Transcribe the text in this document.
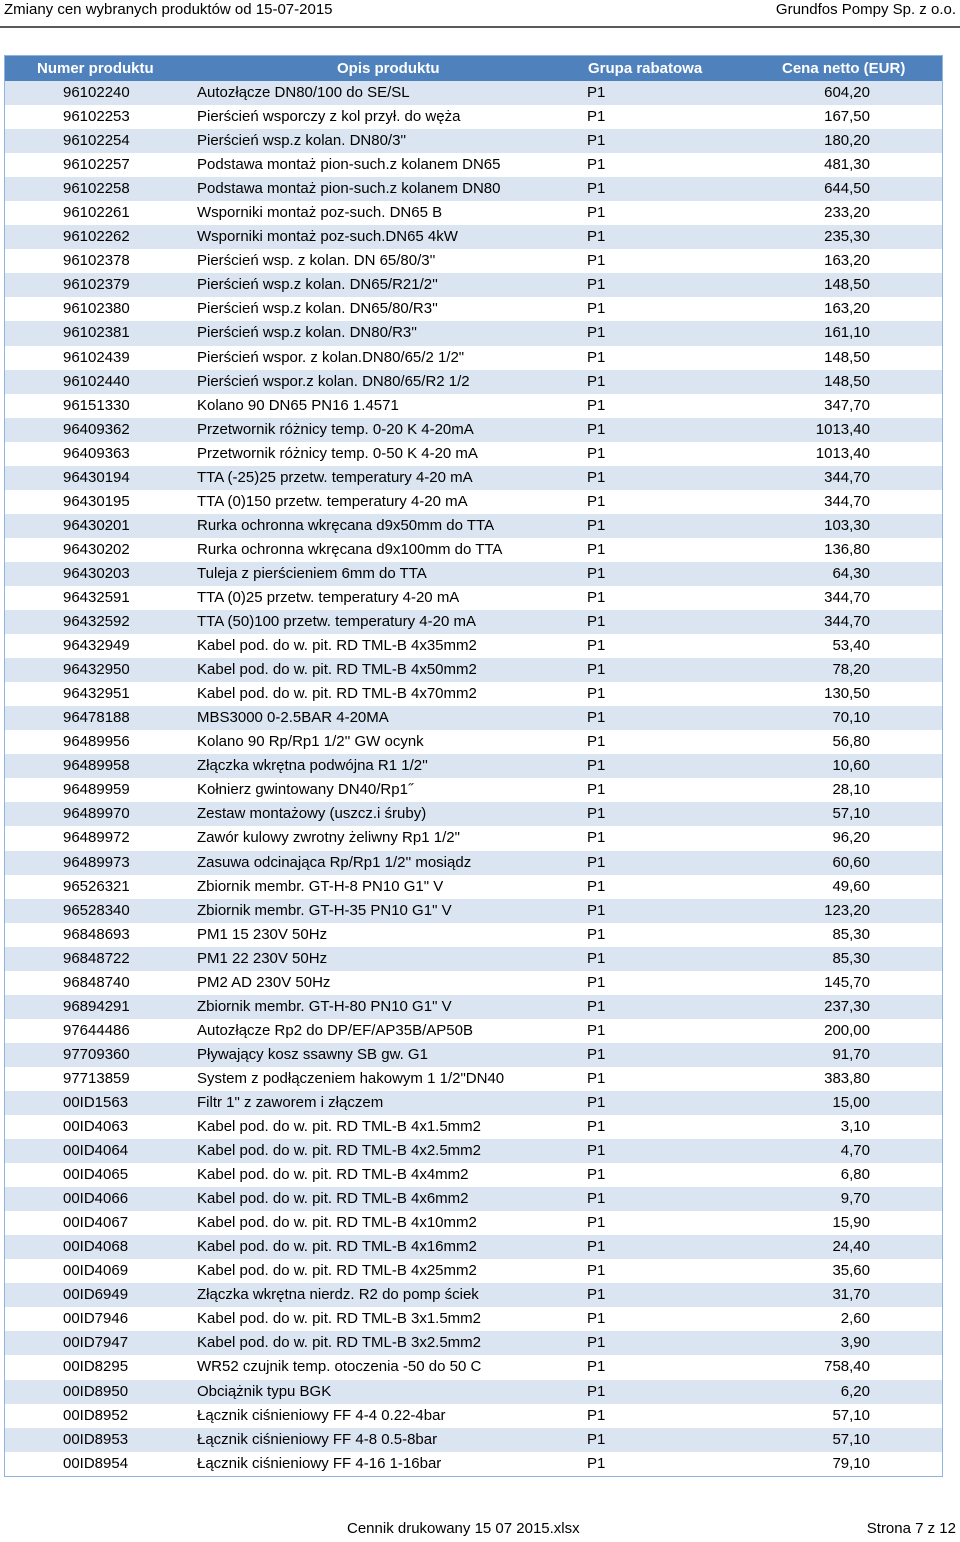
Zmiany cen wybranych produktów od 15-07-2015	Grundfos Pompy Sp. z o.o.
Numer produktu	Opis produktu	Grupa rabatowa	Cena netto (EUR)
96102240	Autozłącze DN80/100 do SE/SL	P1	604,20
96102253	Pierścień wsporczy z kol przył. do węża	P1	167,50
96102254	Pierścień wsp.z kolan. DN80/3''	P1	180,20
96102257	Podstawa montaż pion-such.z kolanem DN65	P1	481,30
96102258	Podstawa montaż pion-such.z kolanem DN80	P1	644,50
96102261	Wsporniki montaż poz-such. DN65 B	P1	233,20
96102262	Wsporniki montaż poz-such.DN65 4kW	P1	235,30
96102378	Pierścień wsp. z kolan. DN 65/80/3''	P1	163,20
96102379	Pierścień wsp.z kolan. DN65/R21/2''	P1	148,50
96102380	Pierścień wsp.z kolan. DN65/80/R3''	P1	163,20
96102381	Pierścień wsp.z kolan. DN80/R3''	P1	161,10
96102439	Pierścień wspor. z kolan.DN80/65/2 1/2"	P1	148,50
96102440	Pierścień wspor.z kolan. DN80/65/R2 1/2	P1	148,50
96151330	Kolano 90 DN65 PN16 1.4571	P1	347,70
96409362	Przetwornik różnicy temp. 0-20 K 4-20mA	P1	1013,40
96409363	Przetwornik różnicy temp. 0-50 K 4-20 mA	P1	1013,40
96430194	TTA (-25)25 przetw. temperatury 4-20 mA	P1	344,70
96430195	TTA (0)150 przetw. temperatury 4-20 mA	P1	344,70
96430201	Rurka ochronna wkręcana d9x50mm do TTA	P1	103,30
96430202	Rurka ochronna wkręcana d9x100mm do TTA	P1	136,80
96430203	Tuleja z pierścieniem 6mm do TTA	P1	64,30
96432591	TTA (0)25 przetw. temperatury 4-20 mA	P1	344,70
96432592	TTA (50)100 przetw. temperatury 4-20 mA	P1	344,70
96432949	Kabel pod. do w. pit. RD TML-B 4x35mm2	P1	53,40
96432950	Kabel pod. do w. pit. RD TML-B 4x50mm2	P1	78,20
96432951	Kabel pod. do w. pit. RD TML-B 4x70mm2	P1	130,50
96478188	MBS3000 0-2.5BAR 4-20MA	P1	70,10
96489956	Kolano 90 Rp/Rp1 1/2'' GW ocynk	P1	56,80
96489958	Złączka wkrętna podwójna R1 1/2''	P1	10,60
96489959	Kołnierz gwintowany DN40/Rp1˝	P1	28,10
96489970	Zestaw montażowy (uszcz.i śruby)	P1	57,10
96489972	Zawór kulowy zwrotny żeliwny Rp1 1/2"	P1	96,20
96489973	Zasuwa odcinająca Rp/Rp1 1/2'' mosiądz	P1	60,60
96526321	Zbiornik membr. GT-H-8 PN10 G1" V	P1	49,60
96528340	Zbiornik membr. GT-H-35 PN10 G1" V	P1	123,20
96848693	PM1 15 230V 50Hz	P1	85,30
96848722	PM1 22 230V 50Hz	P1	85,30
96848740	PM2 AD 230V 50Hz	P1	145,70
96894291	Zbiornik membr. GT-H-80 PN10 G1" V	P1	237,30
97644486	Autozłącze Rp2 do DP/EF/AP35B/AP50B	P1	200,00
97709360	Pływający kosz ssawny SB gw. G1	P1	91,70
97713859	System z podłączeniem hakowym 1 1/2"DN40	P1	383,80
00ID1563	Filtr 1" z zaworem i złączem	P1	15,00
00ID4063	Kabel pod. do w. pit. RD TML-B 4x1.5mm2	P1	3,10
00ID4064	Kabel pod. do w. pit. RD TML-B 4x2.5mm2	P1	4,70
00ID4065	Kabel pod. do w. pit. RD TML-B 4x4mm2	P1	6,80
00ID4066	Kabel pod. do w. pit. RD TML-B 4x6mm2	P1	9,70
00ID4067	Kabel pod. do w. pit. RD TML-B 4x10mm2	P1	15,90
00ID4068	Kabel pod. do w. pit. RD TML-B 4x16mm2	P1	24,40
00ID4069	Kabel pod. do w. pit. RD TML-B 4x25mm2	P1	35,60
00ID6949	Złączka wkrętna nierdz. R2 do pomp ściek	P1	31,70
00ID7946	Kabel pod. do w. pit. RD TML-B 3x1.5mm2	P1	2,60
00ID7947	Kabel pod. do w. pit. RD TML-B 3x2.5mm2	P1	3,90
00ID8295	WR52 czujnik temp. otoczenia -50 do 50 C	P1	758,40
00ID8950	Obciążnik typu BGK	P1	6,20
00ID8952	Łącznik ciśnieniowy FF 4-4 0.22-4bar	P1	57,10
00ID8953	Łącznik ciśnieniowy FF 4-8 0.5-8bar	P1	57,10
00ID8954	Łącznik ciśnieniowy FF 4-16 1-16bar	P1	79,10
Cennik drukowany 15 07 2015.xlsx	Strona 7 z 12
